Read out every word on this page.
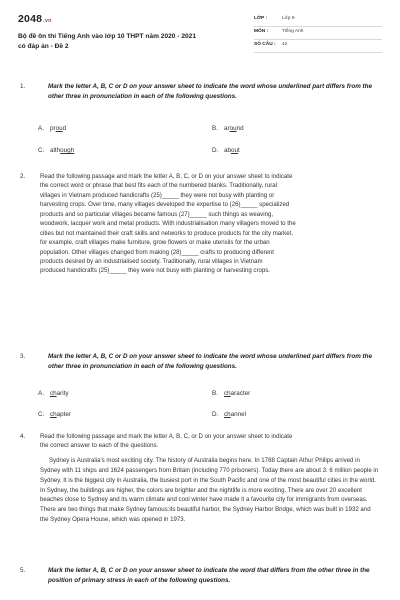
2048.vn
Bộ đề ôn thi Tiếng Anh vào lớp 10 THPT năm 2020 - 2021
có đáp án - Đề 2
LỚP :	Lớp 9
MÔN :	Tiếng Anh
SỐ CÂU : 42
1.	Mark the letter A, B, C or D on your answer sheet to indicate the word whose underlined part differs from the other three in pronunciation in each of the following questions.
A. proud	B. around
C. although	D. about
2. Read the following passage and mark the letter A, B, C, or D on your answer sheet to indicate
the correct word or phrase that best fits each of the numbered blanks. Traditionally, rural
villages in Vietnam produced handicrafts (25)_____ they were not busy with planting or
harvesting crops. Over time, many villages developed the expertise to (26)_____ specialized
products and so particular villages became famous (27)_____ such things as weaving,
woodwork, lacquer work and metal products. With industrialisation many villagers moved to the
cities but not maintained their craft skills and networks to produce products for the city market,
for example, craft villages make furniture, grow flowers or make utensils for the urban
population. Other villages changed from making (28)_____ crafts to producing different
products desired by an industrialised society. Traditionally, rural villages in Vietnam
produced handicrafts (25)_____ they were not busy with planting or harvesting crops.
3.	Mark the letter A, B, C or D on your answer sheet to indicate the word whose underlined part differs from the other three in pronunciation in each of the following questions.
A. charity	B. character
C. chapter	D. channel
4. Read the following passage and mark the letter A, B, C, or D on your answer sheet to indicate
the correct answer to each of the questions.
Sydney is Australia's most exciting city. The history of Australia begins here. In 1788 Captain Athur Philips arrived in Sydney with 11 ships and 1624 passengers from Britain (including 770 prisoners). Today there are about 3. 6 million people in Sydney. It is the biggest city in Australia, the busiest port in the South Pacific and one of the most beautiful cities in the world. In Sydney, the buildings are higher, the colors are brighter and the nightlife is more exciting. There are over 20 excellent beaches close to Sydney and its warm climate and cool winter have made it a favourite city for immigrants from overseas. There are two things that make Sydney famous:its beautiful harbor, the Sydney Harbor Bridge, which was built in 1932 and the Sydney Opera House, which was opened in 1973.
5.	Mark the letter A, B, C or D on your answer sheet to indicate the word that differs from the other three in the position of primary stress in each of the following questions.
